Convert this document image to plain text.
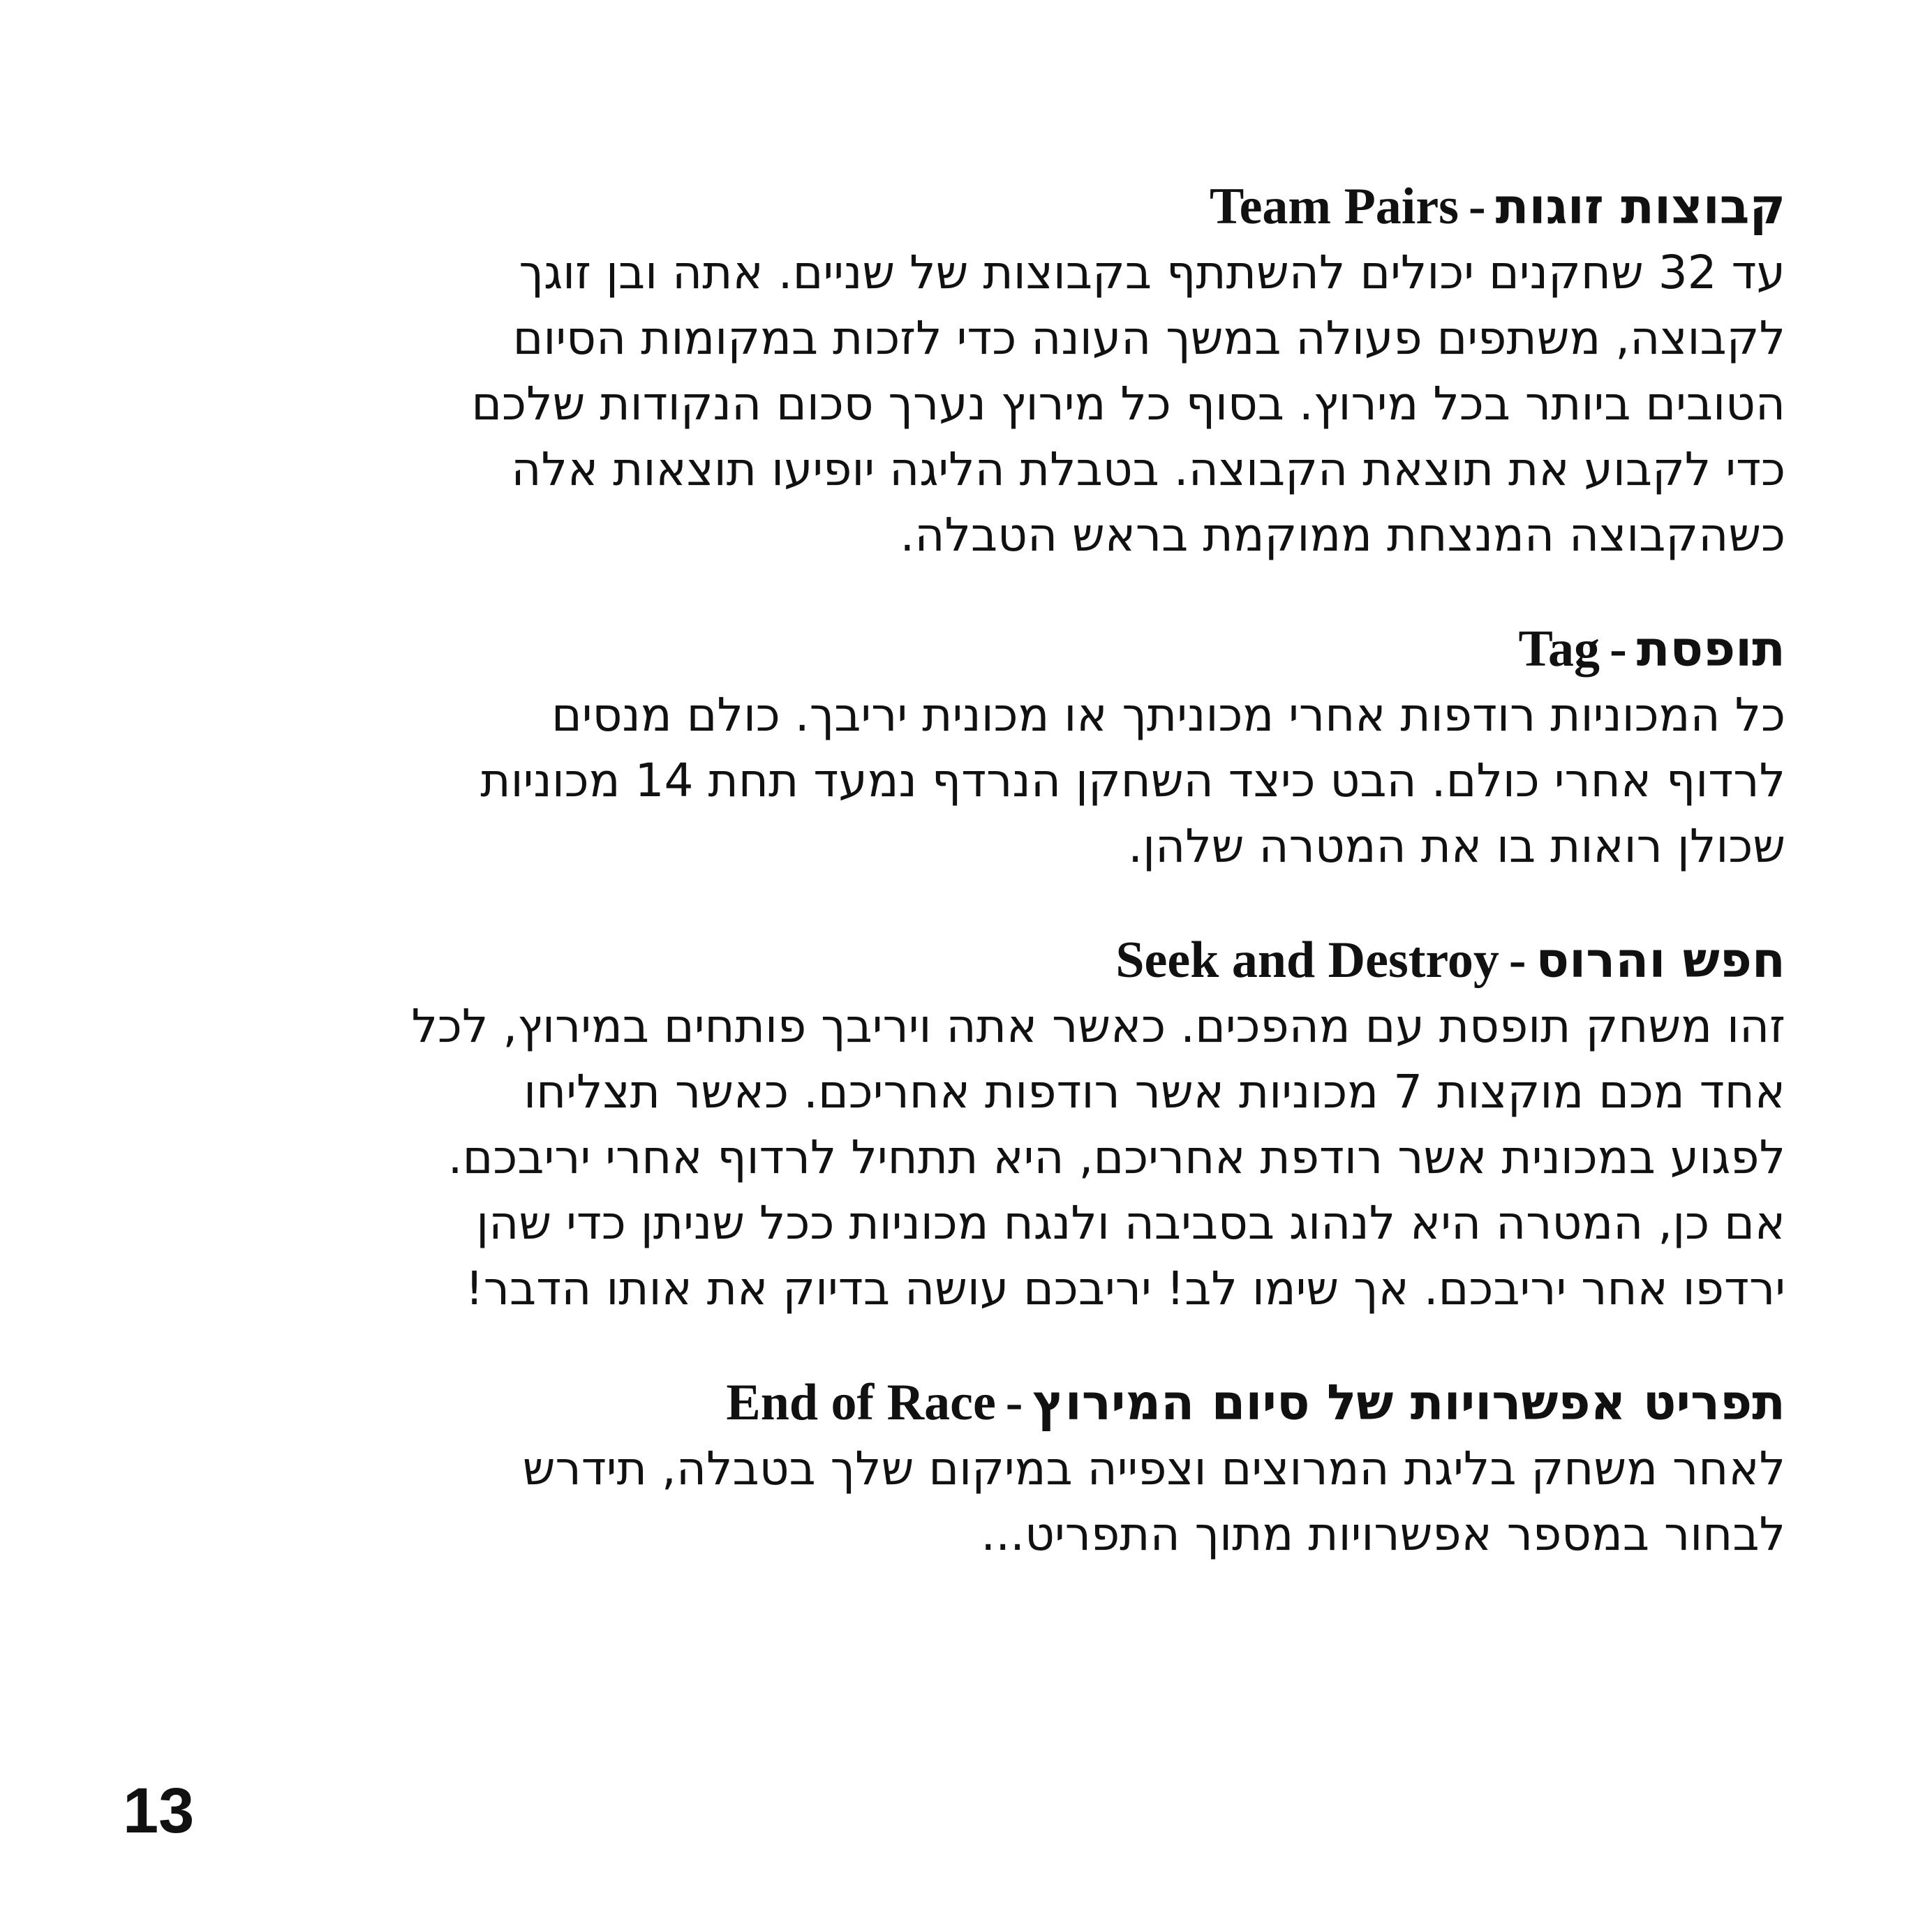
קבוצות זוגות-Team Pairs

עד 32 שחקנים יכולים להשתתף בקבוצות של שניים. אתה ובן זוגך
לקבוצה, משתפים פעולה במשך העונה כדי לזכות במקומות הסיום
הטובים ביותר בכל מירוץ. בסוף כל מירוץ נערך סכום הנקודות שלכם
כדי לקבוע את תוצאת הקבוצה. בטבלת הליגה יופיעו תוצאות אלה
כשהקבוצה המנצחת ממוקמת בראש הטבלה.

תופסת-Tag

כל המכוניות רודפות אחרי מכוניתך או מכונית יריבך. כולם מנסים
לרדוף אחרי כולם. הבט כיצד השחקן הנרדף נמעד תחת 14 מכוניות
שכולן רואות בו את המטרה שלהן.

חפש והרוס-Seek and Destroy

זהו משחק תופסת עם מהפכים. כאשר אתה ויריבך פותחים במירוץ, לכל
אחד מכם מוקצות 7 מכוניות אשר רודפות אחריכם. כאשר תצליחו
לפגוע במכונית אשר רודפת אחריכם, היא תתחיל לרדוף אחרי יריבכם.
אם כן, המטרה היא לנהוג בסביבה ולנגח מכוניות ככל שניתן כדי שהן
ירדפו אחר יריבכם. אך שימו לב! יריבכם עושה בדיוק את אותו הדבר!

תפריט אפשרויות של סיום המירוץ-End of Race

לאחר משחק בליגת המרוצים וצפייה במיקום שלך בטבלה, תידרש
לבחור במספר אפשרויות מתוך התפריט...

13
